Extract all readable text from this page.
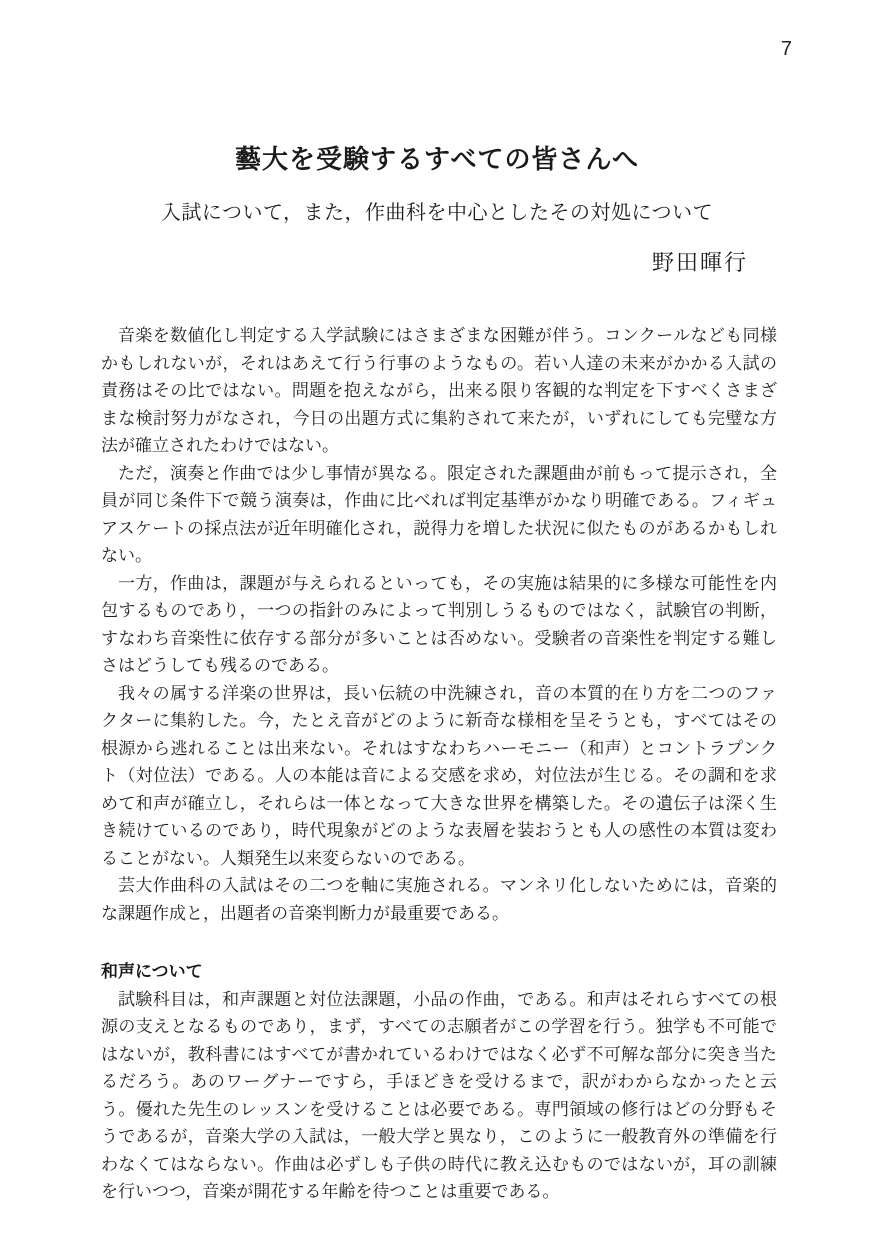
7
藝大を受験するすべての皆さんへ
入試について，また，作曲科を中心としたその対処について
野田暉行

音楽を数値化し判定する入学試験にはさまざまな困難が伴う。コンクールなども同様かもしれないが，それはあえて行う行事のようなもの。若い人達の未来がかかる入試の責務はその比ではない。問題を抱えながら，出来る限り客観的な判定を下すべくさまざまな検討努力がなされ，今日の出題方式に集約されて来たが，いずれにしても完璧な方法が確立されたわけではない。

ただ，演奏と作曲では少し事情が異なる。限定された課題曲が前もって提示され，全員が同じ条件下で競う演奏は，作曲に比べれば判定基準がかなり明確である。フィギュアスケートの採点法が近年明確化され，説得力を増した状況に似たものがあるかもしれない。

一方，作曲は，課題が与えられるといっても，その実施は結果的に多様な可能性を内包するものであり，一つの指針のみによって判別しうるものではなく，試験官の判断，すなわち音楽性に依存する部分が多いことは否めない。受験者の音楽性を判定する難しさはどうしても残るのである。

我々の属する洋楽の世界は，長い伝統の中洗練され，音の本質的在り方を二つのファクターに集約した。今，たとえ音がどのように新奇な様相を呈そうとも，すべてはその根源から逃れることは出来ない。それはすなわちハーモニー（和声）とコントラプンクト（対位法）である。人の本能は音による交感を求め，対位法が生じる。その調和を求めて和声が確立し，それらは一体となって大きな世界を構築した。その遺伝子は深く生き続けているのであり，時代現象がどのような表層を装おうとも人の感性の本質は変わることがない。人類発生以来変らないのである。

芸大作曲科の入試はその二つを軸に実施される。マンネリ化しないためには，音楽的な課題作成と，出題者の音楽判断力が最重要である。

和声について

試験科目は，和声課題と対位法課題，小品の作曲，である。和声はそれらすべての根源の支えとなるものであり，まず，すべての志願者がこの学習を行う。独学も不可能ではないが，教科書にはすべてが書かれているわけではなく必ず不可解な部分に突き当たるだろう。あのワーグナーですら，手ほどきを受けるまで，訳がわからなかったと云う。優れた先生のレッスンを受けることは必要である。専門領域の修行はどの分野もそうであるが，音楽大学の入試は，一般大学と異なり，このように一般教育外の準備を行わなくてはならない。作曲は必ずしも子供の時代に教え込むものではないが，耳の訓練を行いつつ，音楽が開花する年齢を待つことは重要である。
